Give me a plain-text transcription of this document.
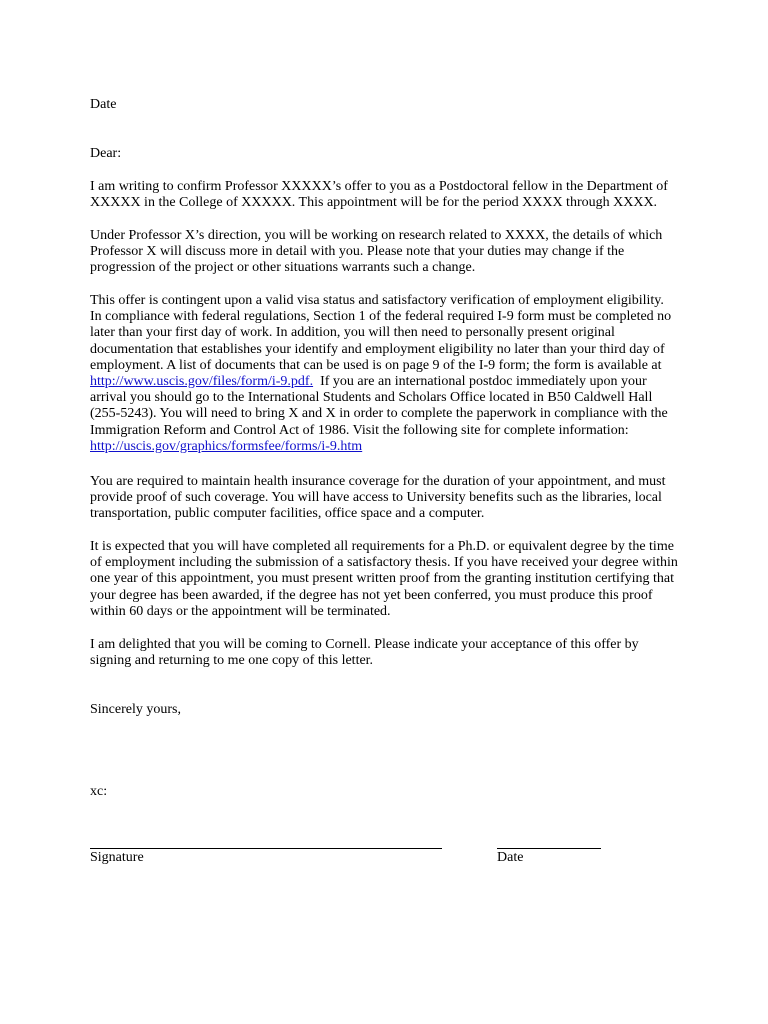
Date

Dear:

I am writing to confirm Professor XXXXX’s offer to you as a Postdoctoral fellow in the Department of
XXXXX in the College of XXXXX. This appointment will be for the period XXXX through XXXX.

Under Professor X’s direction, you will be working on research related to XXXX, the details of which
Professor X will discuss more in detail with you. Please note that your duties may change if the
progression of the project or other situations warrants such a change.

This offer is contingent upon a valid visa status and satisfactory verification of employment eligibility.
In compliance with federal regulations, Section 1 of the federal required I-9 form must be completed no
later than your first day of work. In addition, you will then need to personally present original
documentation that establishes your identify and employment eligibility no later than your third day of
employment. A list of documents that can be used is on page 9 of the I-9 form; the form is available at
http://www.uscis.gov/files/form/i-9.pdf.  If you are an international postdoc immediately upon your
arrival you should go to the International Students and Scholars Office located in B50 Caldwell Hall
(255-5243). You will need to bring X and X in order to complete the paperwork in compliance with the
Immigration Reform and Control Act of 1986. Visit the following site for complete information:
http://uscis.gov/graphics/formsfee/forms/i-9.htm

You are required to maintain health insurance coverage for the duration of your appointment, and must
provide proof of such coverage. You will have access to University benefits such as the libraries, local
transportation, public computer facilities, office space and a computer.

It is expected that you will have completed all requirements for a Ph.D. or equivalent degree by the time
of employment including the submission of a satisfactory thesis. If you have received your degree within
one year of this appointment, you must present written proof from the granting institution certifying that
your degree has been awarded, if the degree has not yet been conferred, you must produce this proof
within 60 days or the appointment will be terminated.

I am delighted that you will be coming to Cornell. Please indicate your acceptance of this offer by
signing and returning to me one copy of this letter.

Sincerely yours,

xc:

Signature	Date
